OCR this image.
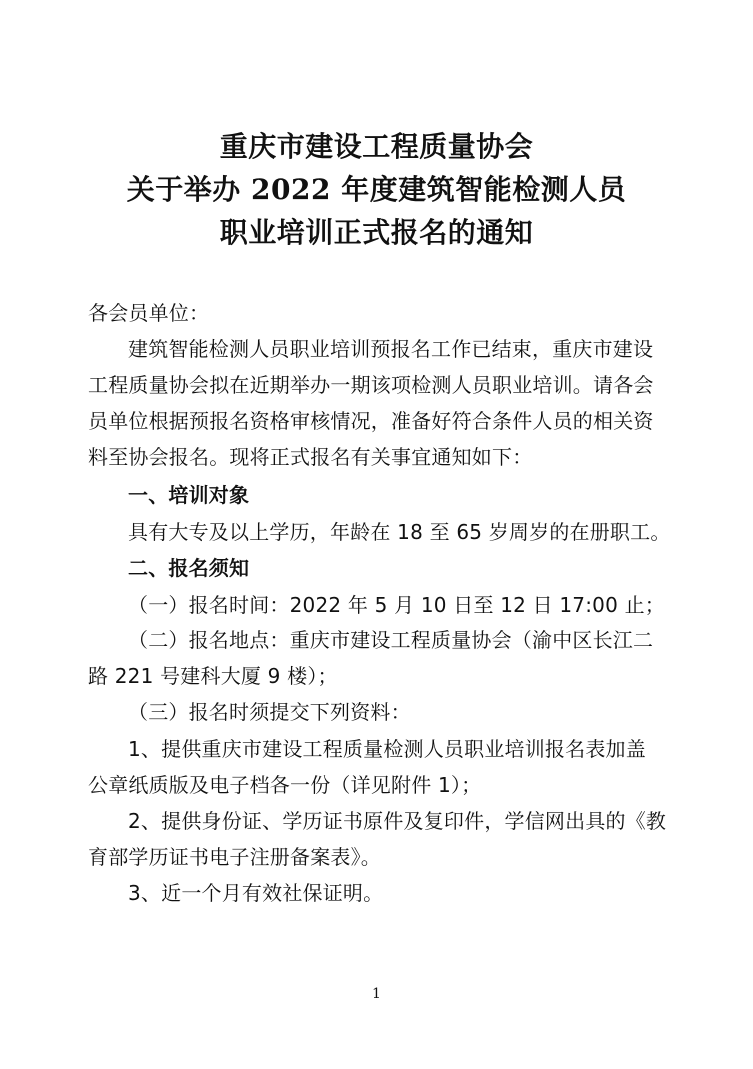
重庆市建设工程质量协会
关于举办 2022 年度建筑智能检测人员
职业培训正式报名的通知
各会员单位：
建筑智能检测人员职业培训预报名工作已结束，重庆市建设
工程质量协会拟在近期举办一期该项检测人员职业培训。请各会
员单位根据预报名资格审核情况，准备好符合条件人员的相关资
料至协会报名。现将正式报名有关事宜通知如下：
一、培训对象
具有大专及以上学历，年龄在 18 至 65 岁周岁的在册职工。
二、报名须知
（一）报名时间：2022 年 5 月 10 日至 12 日 17:00 止；
（二）报名地点：重庆市建设工程质量协会（渝中区长江二
路 221 号建科大厦 9 楼）；
（三）报名时须提交下列资料：
1、提供重庆市建设工程质量检测人员职业培训报名表加盖
公章纸质版及电子档各一份（详见附件 1）；
2、提供身份证、学历证书原件及复印件，学信网出具的《教
育部学历证书电子注册备案表》。
3、近一个月有效社保证明。
1
